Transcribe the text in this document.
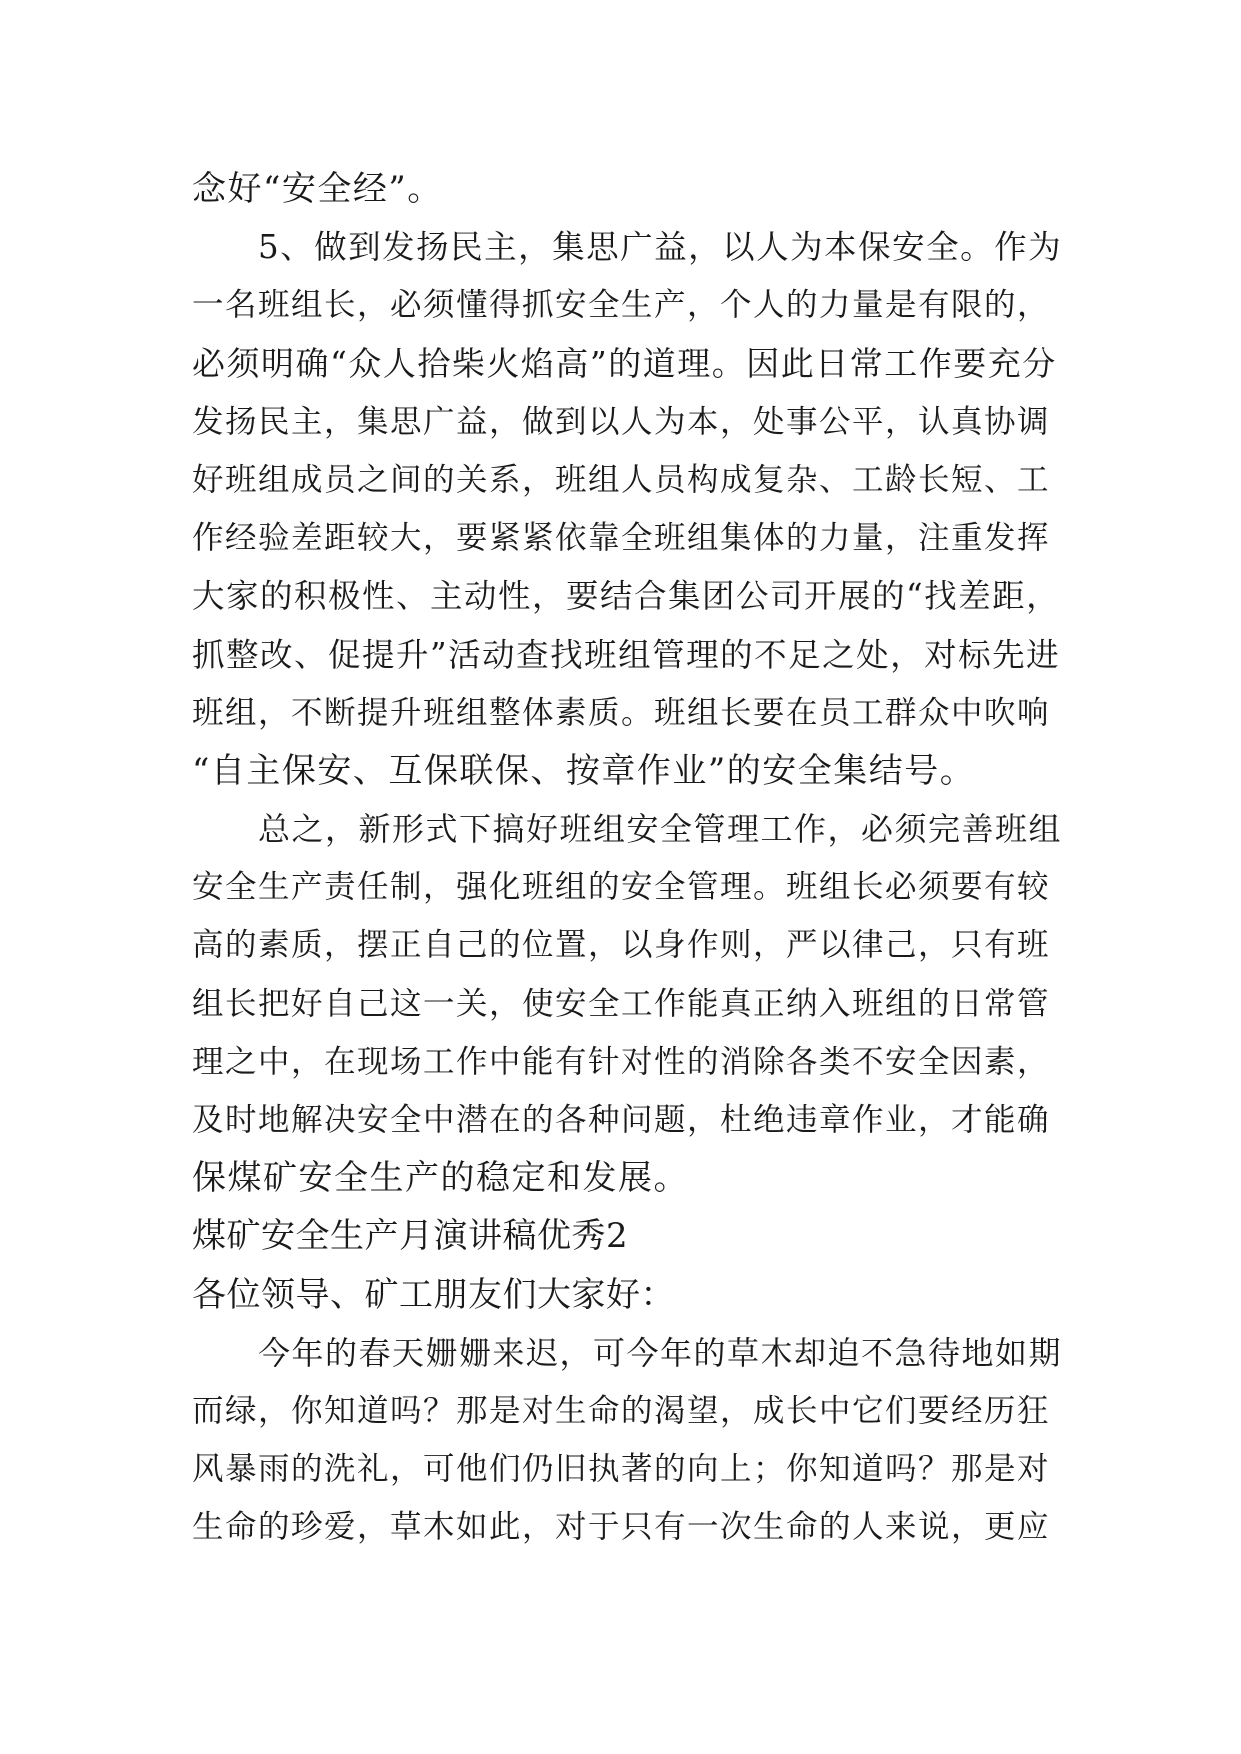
念好“安全经”。
5、做到发扬民主，集思广益，以人为本保安全。作为
一名班组长，必须懂得抓安全生产，个人的力量是有限的，
必须明确“众人拾柴火焰高”的道理。因此日常工作要充分
发扬民主，集思广益，做到以人为本，处事公平，认真协调
好班组成员之间的关系，班组人员构成复杂、工龄长短、工
作经验差距较大，要紧紧依靠全班组集体的力量，注重发挥
大家的积极性、主动性，要结合集团公司开展的“找差距，
抓整改、促提升”活动查找班组管理的不足之处，对标先进
班组，不断提升班组整体素质。班组长要在员工群众中吹响
“自主保安、互保联保、按章作业”的安全集结号。
总之，新形式下搞好班组安全管理工作，必须完善班组
安全生产责任制，强化班组的安全管理。班组长必须要有较
高的素质，摆正自己的位置，以身作则，严以律己，只有班
组长把好自己这一关，使安全工作能真正纳入班组的日常管
理之中，在现场工作中能有针对性的消除各类不安全因素，
及时地解决安全中潜在的各种问题，杜绝违章作业，才能确
保煤矿安全生产的稳定和发展。
煤矿安全生产月演讲稿优秀2
各位领导、矿工朋友们大家好：
今年的春天姗姗来迟，可今年的草木却迫不急待地如期
而绿，你知道吗？那是对生命的渴望，成长中它们要经历狂
风暴雨的洗礼，可他们仍旧执著的向上；你知道吗？那是对
生命的珍爱，草木如此，对于只有一次生命的人来说，更应
